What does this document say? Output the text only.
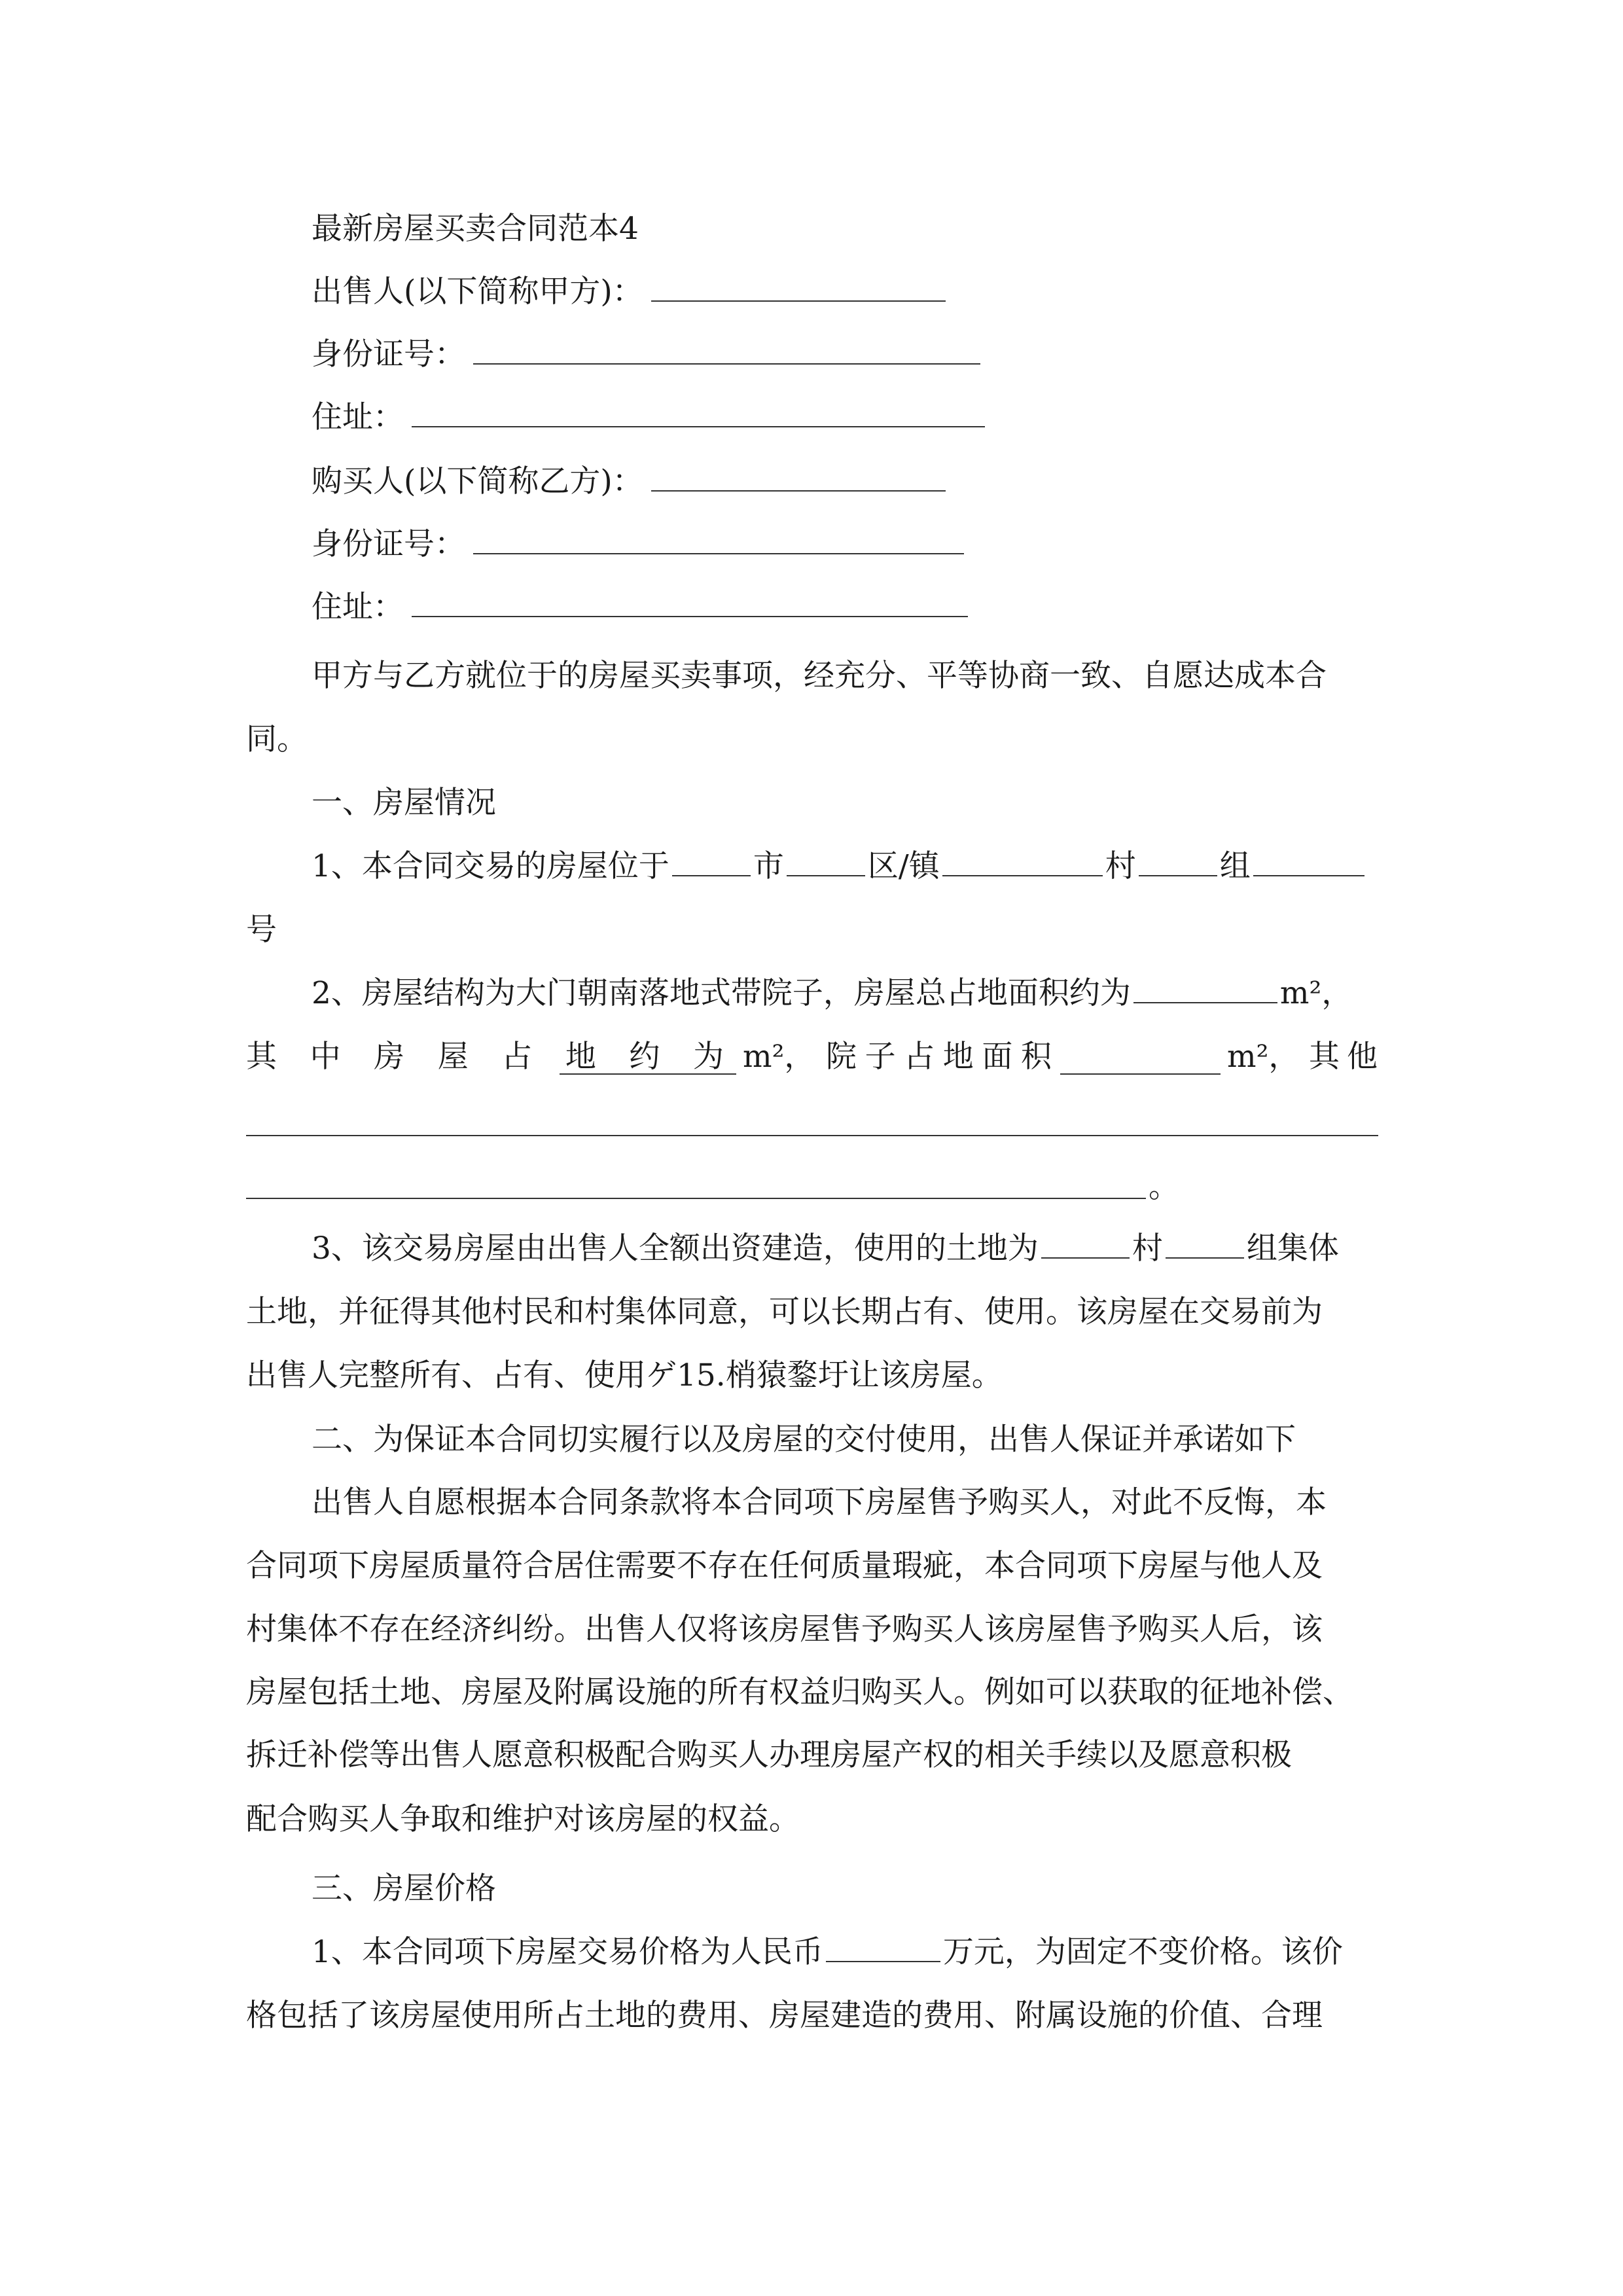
最新房屋买卖合同范本4
出售人(以下简称甲方)：
身份证号：
住址：
购买人(以下简称乙方)：
身份证号：
住址：
甲方与乙方就位于的房屋买卖事项，经充分、平等协商一致、自愿达成本合
同。
一、房屋情况
1、本合同交易的房屋位于	市	区/镇	村	组
号
2、房屋结构为大门朝南落地式带院子，房屋总占地面积约为	m²，
其 中 房 屋 占 地 约 为 m²， 院 子 占 地 面 积	m²， 其 他
。
3、该交易房屋由出售人全额出资建造，使用的土地为	村	组集体
土地，并征得其他村民和村集体同意，可以长期占有、使用。该房屋在交易前为
出售人完整所有、占有、使用ゲ15.梢猿鍪圩让该房屋。
二、为保证本合同切实履行以及房屋的交付使用，出售人保证并承诺如下
出售人自愿根据本合同条款将本合同项下房屋售予购买人，对此不反悔，本
合同项下房屋质量符合居住需要不存在任何质量瑕疵，本合同项下房屋与他人及
村集体不存在经济纠纷。出售人仅将该房屋售予购买人该房屋售予购买人后，该
房屋包括土地、房屋及附属设施的所有权益归购买人。例如可以获取的征地补偿、
拆迁补偿等出售人愿意积极配合购买人办理房屋产权的相关手续以及愿意积极
配合购买人争取和维护对该房屋的权益。
三、房屋价格
1、本合同项下房屋交易价格为人民币	万元，为固定不变价格。该价
格包括了该房屋使用所占土地的费用、房屋建造的费用、附属设施的价值、合理
